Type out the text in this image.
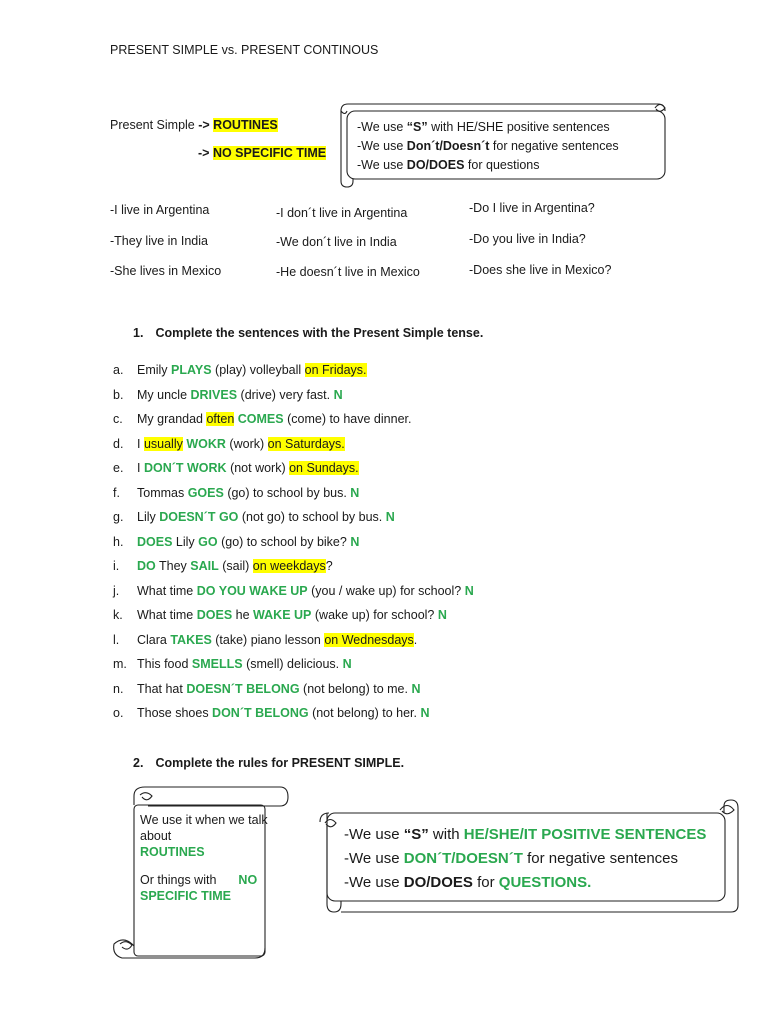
PRESENT SIMPLE vs. PRESENT CONTINOUS
Present Simple -> ROUTINES
-> NO SPECIFIC TIME
-We use “S” with HE/SHE positive sentences
-We use Don´t/Doesn´t for negative sentences
-We use DO/DOES for questions
-I live in Argentina
-They live in India
-She lives in Mexico
-I don´t live in Argentina
-We don´t live in India
-He doesn´t live in Mexico
-Do I live in Argentina?
-Do you live in India?
-Does she live in Mexico?
1. Complete the sentences with the Present Simple tense.
a. Emily PLAYS (play) volleyball on Fridays.
b. My uncle DRIVES (drive) very fast. N
c. My grandad often COMES (come) to have dinner.
d. I usually WOKR (work) on Saturdays.
e. I DON´T WORK (not work) on Sundays.
f. Tommas GOES (go) to school by bus. N
g. Lily DOESN´T GO (not go) to school by bus. N
h. DOES Lily GO (go) to school by bike? N
i. DO They SAIL (sail) on weekdays?
j. What time DO YOU WAKE UP (you / wake up) for school? N
k. What time DOES he WAKE UP (wake up) for school? N
l. Clara TAKES (take) piano lesson on Wednesdays.
m. This food SMELLS (smell) delicious. N
n. That hat DOESN´T BELONG (not belong) to me. N
o. Those shoes DON´T BELONG (not belong) to her. N
2. Complete the rules for PRESENT SIMPLE.
We use it when we talk about
ROUTINES
Or things with NO
SPECIFIC TIME
-We use “S” with HE/SHE/IT POSITIVE SENTENCES
-We use DON´T/DOESN´T for negative sentences
-We use DO/DOES for QUESTIONS.
